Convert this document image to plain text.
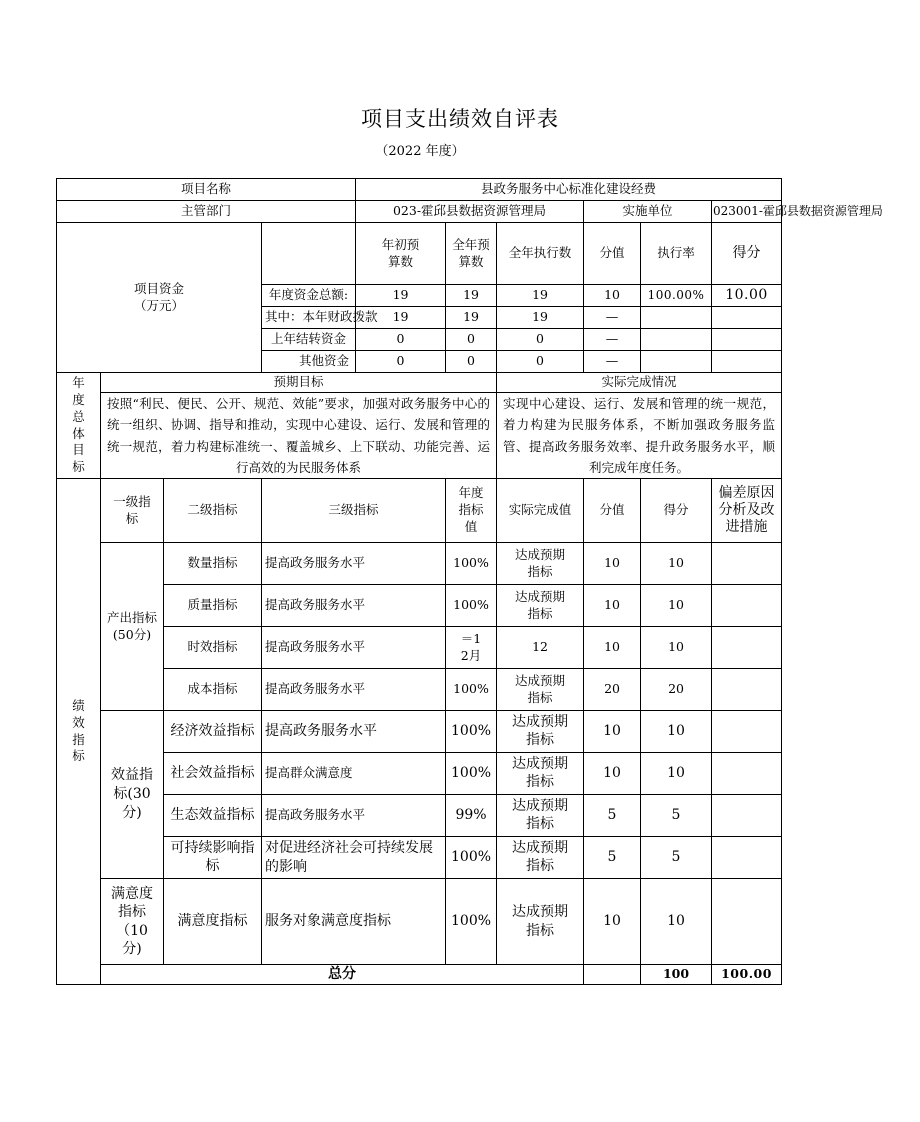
项目支出绩效自评表
（2022 年度）
项目名称				县政务服务中心标准化建设经费						
主管部门				023-霍邱县数据资源管理局			实施单位		023001-霍邱县数据资源管理局	
项目资金
（万元）				年初预算数	全年预算数	全年执行数	分值	执行率	得分	
			年度资金总额:	19	19	19	10	100.00%	10.00	
			其中：本年财政拨款	19	19	19	—			
			上年结转资金	0	0	0	—			
			其他资金	0	0	0	—			
年度总体目标	预期目标					实际完成情况				
	按照“利民、便民、公开、规范、效能”要求，加强对政务服务中心的统一组织、协调、指导和推动，实现中心建设、运行、发展和管理的统一规范，着力构建标准统一、覆盖城乡、上下联动、功能完善、运行高效的为民服务体系					实现中心建设、运行、发展和管理的统一规范，着力构建为民服务体系，不断加强政务服务监管、提高政务服务效率、提升政务服务水平，顺利完成年度任务。				
绩效指标	一级指标	二级指标	三级指标		年度指标值	实际完成值	分值	得分	偏差原因分析及改进措施	
	产出指标(50分)	数量指标	提高政务服务水平		100%	达成预期指标	10	10		
		质量指标	提高政务服务水平		100%	达成预期指标	10	10		
		时效指标	提高政务服务水平		＝12月	12	10	10		
		成本指标	提高政务服务水平		100%	达成预期指标	20	20		
	效益指标(30分)	经济效益指标	提高政务服务水平		100%	达成预期指标	10	10		
		社会效益指标	提高群众满意度		100%	达成预期指标	10	10		
		生态效益指标	提高政务服务水平		99%	达成预期指标	5	5		
		可持续影响指标	对促进经济社会可持续发展的影响		100%	达成预期指标	5	5		
	满意度指标（10分)	满意度指标	服务对象满意度指标		100%	达成预期指标	10	10		
	总分							100	100.00	
